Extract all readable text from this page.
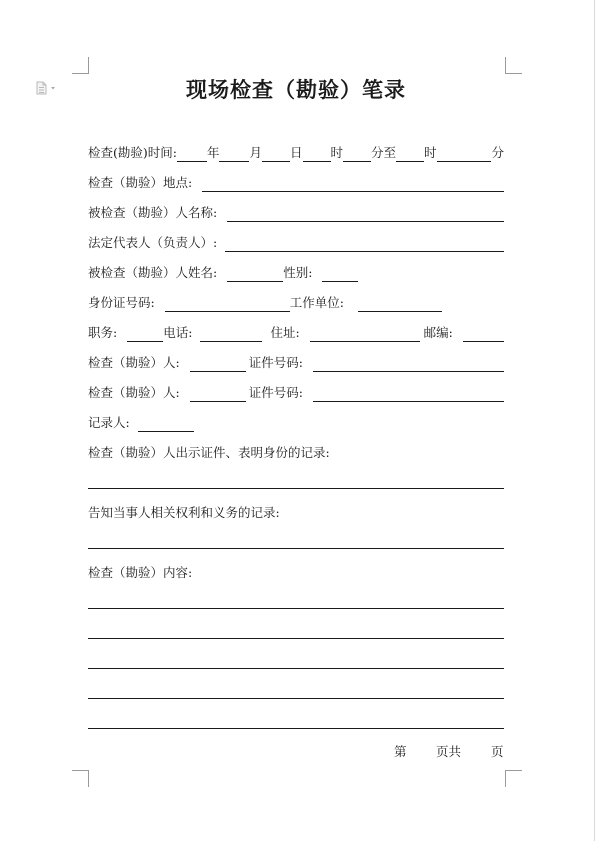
现场检查（勘验）笔录
检查(勘验)时间: 年 月 日 时 分至 时	分
检查（勘验）地点:
被检查（勘验）人名称:
法定代表人（负责人）:
被检查（勘验）人姓名:	性别:
身份证号码:	工作单位:
职务:	电话:	住址:	邮编:
检查（勘验）人:	证件号码:
检查（勘验）人:	证件号码:
记录人:
检查（勘验）人出示证件、表明身份的记录:
告知当事人相关权利和义务的记录:
检查（勘验）内容:
第 页共 页
